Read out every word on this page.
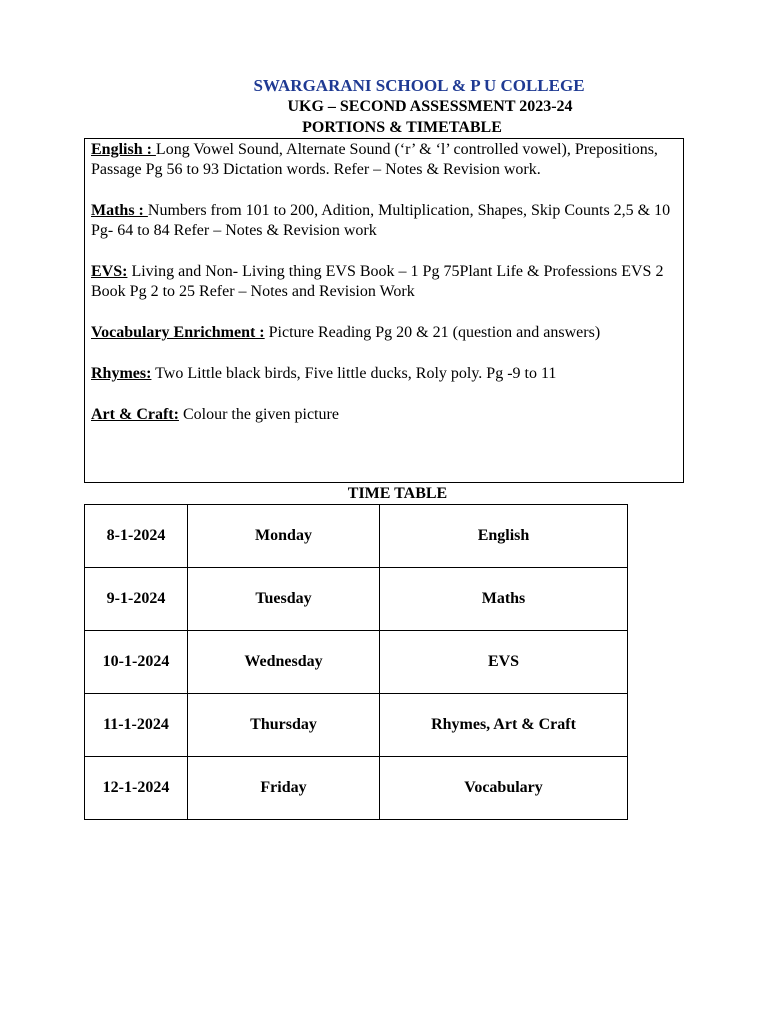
SWARGARANI SCHOOL & P U COLLEGE
UKG – SECOND ASSESSMENT 2023-24
PORTIONS & TIMETABLE

English : Long Vowel Sound, Alternate Sound (‘r’ & ‘l’ controlled vowel), Prepositions, Passage Pg 56 to 93 Dictation words. Refer – Notes & Revision work.

Maths : Numbers from 101 to 200, Adition, Multiplication, Shapes, Skip Counts 2,5 & 10 Pg- 64 to 84 Refer – Notes & Revision work

EVS: Living and Non- Living thing EVS Book – 1 Pg 75Plant Life & Professions EVS 2 Book Pg 2 to 25 Refer – Notes and Revision Work

Vocabulary Enrichment : Picture Reading Pg 20 & 21 (question and answers)

Rhymes: Two Little black birds, Five little ducks, Roly poly. Pg -9 to 11

Art & Craft: Colour the given picture

TIME TABLE
8-1-2024	Monday	English
9-1-2024	Tuesday	Maths
10-1-2024	Wednesday	EVS
11-1-2024	Thursday	Rhymes, Art & Craft
12-1-2024	Friday	Vocabulary
